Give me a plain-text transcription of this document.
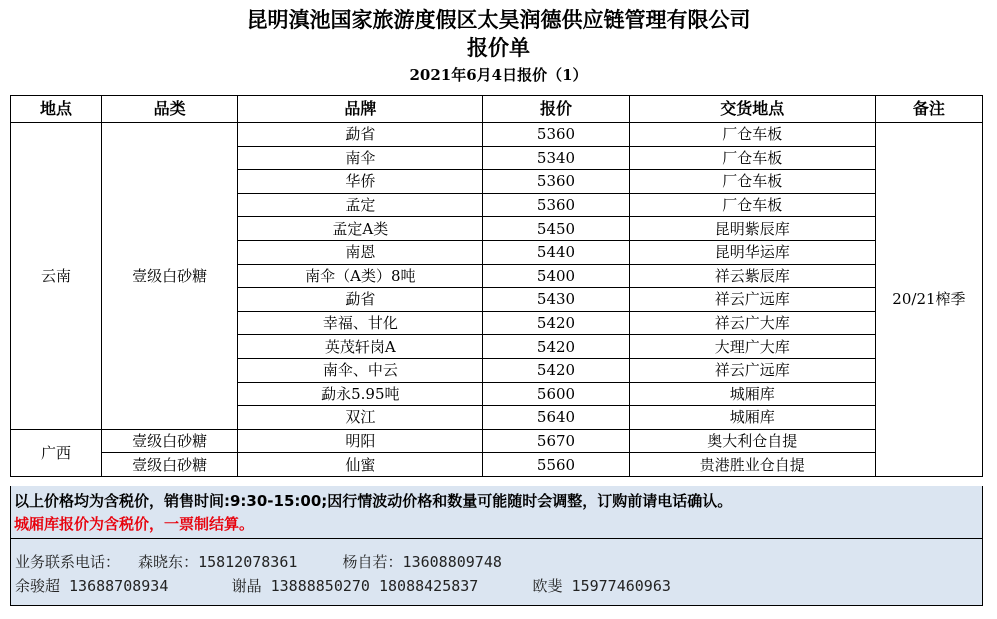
昆明滇池国家旅游度假区太昊润德供应链管理有限公司
报价单
2021年6月4日报价（1）
地点	品类	品牌	报价	交货地点	备注
云南	壹级白砂糖	勐省	5360	厂仓车板	20/21榨季
		南伞	5340	厂仓车板	
		华侨	5360	厂仓车板	
		孟定	5360	厂仓车板	
		孟定A类	5450	昆明紫辰库	
		南恩	5440	昆明华运库	
		南伞（A类）8吨	5400	祥云紫辰库	
		勐省	5430	祥云广远库	
		幸福、甘化	5420	祥云广大库	
		英茂轩岗A	5420	大理广大库	
		南伞、中云	5420	祥云广远库	
		勐永5.95吨	5600	城厢库	
		双江	5640	城厢库	
广西	壹级白砂糖	明阳	5670	奥大利仓自提	
	壹级白砂糖	仙蜜	5560	贵港胜业仓自提	
以上价格均为含税价，销售时间:9:30-15:00;因行情波动价格和数量可能随时会调整，订购前请电话确认。
城厢库报价为含税价，一票制结算。
业务联系电话：  森晓东：15812078361     杨自若：13608809748
余骏超 13688708934       谢晶 13888850270 18088425837      欧斐 15977460963
